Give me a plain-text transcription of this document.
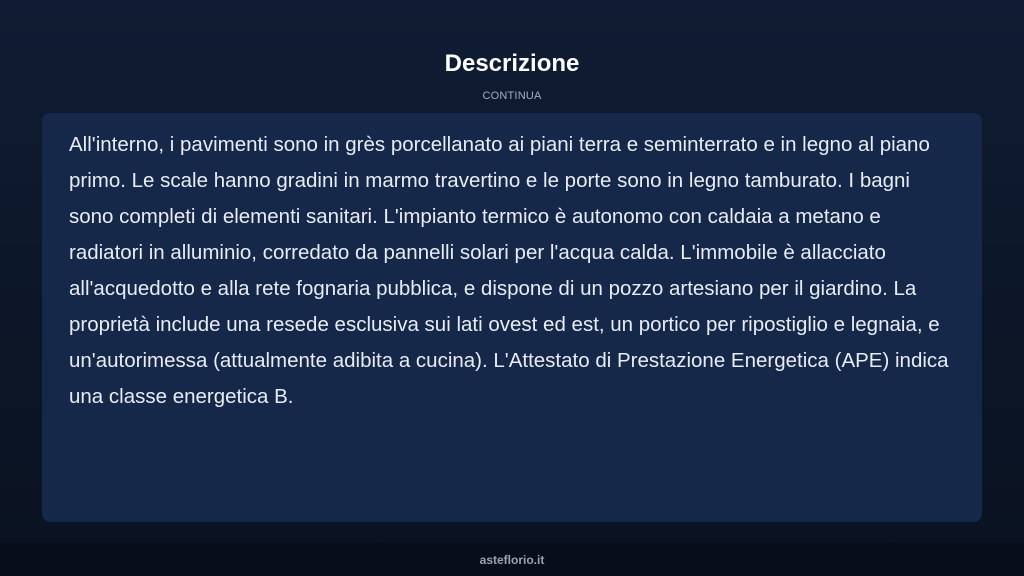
Descrizione
CONTINUA

All'interno, i pavimenti sono in grès porcellanato ai piani terra e seminterrato e in legno al piano primo. Le scale hanno gradini in marmo travertino e le porte sono in legno tamburato. I bagni sono completi di elementi sanitari. L'impianto termico è autonomo con caldaia a metano e radiatori in alluminio, corredato da pannelli solari per l'acqua calda. L'immobile è allacciato all'acquedotto e alla rete fognaria pubblica, e dispone di un pozzo artesiano per il giardino. La proprietà include una resede esclusiva sui lati ovest ed est, un portico per ripostiglio e legnaia, e un'autorimessa (attualmente adibita a cucina). L'Attestato di Prestazione Energetica (APE) indica una classe energetica B.

asteflorio.it
